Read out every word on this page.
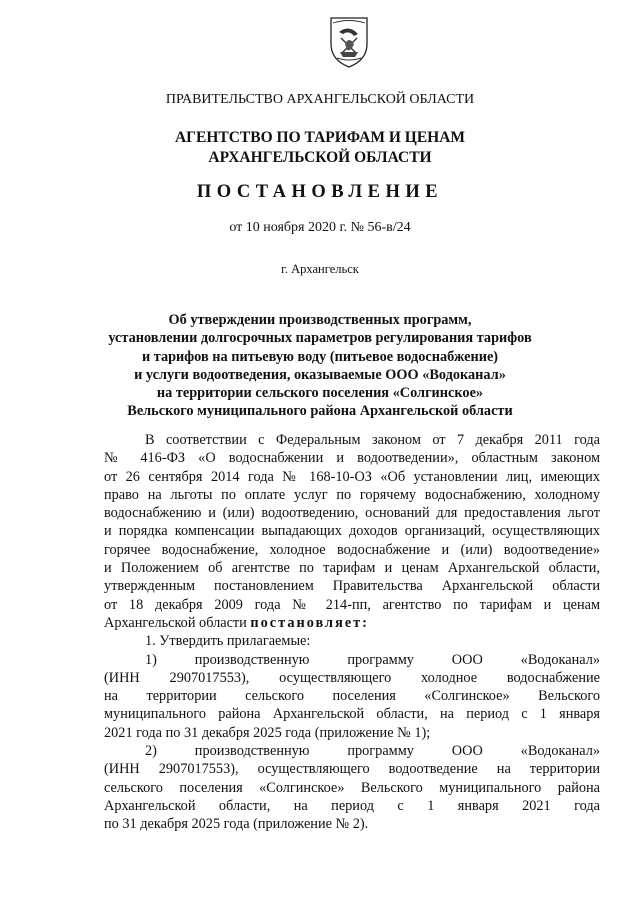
ПРАВИТЕЛЬСТВО АРХАНГЕЛЬСКОЙ ОБЛАСТИ
АГЕНТСТВО ПО ТАРИФАМ И ЦЕНАМ
АРХАНГЕЛЬСКОЙ ОБЛАСТИ
ПОСТАНОВЛЕНИЕ
от 10 ноября 2020 г. № 56-в/24
г. Архангельск
Об утверждении производственных программ,
установлении долгосрочных параметров регулирования тарифов
и тарифов на питьевую воду (питьевое водоснабжение)
и услуги водоотведения, оказываемые ООО «Водоканал»
на территории сельского поселения «Солгинское»
Вельского муниципального района Архангельской области
В соответствии с Федеральным законом от 7 декабря 2011 года
№ 416-ФЗ «О водоснабжении и водоотведении», областным законом
от 26 сентября 2014 года № 168-10-ОЗ «Об установлении лиц, имеющих
право на льготы по оплате услуг по горячему водоснабжению, холодному
водоснабжению и (или) водоотведению, оснований для предоставления льгот
и порядка компенсации выпадающих доходов организаций, осуществляющих
горячее водоснабжение, холодное водоснабжение и (или) водоотведение»
и Положением об агентстве по тарифам и ценам Архангельской области,
утвержденным постановлением Правительства Архангельской области
от 18 декабря 2009 года № 214-пп, агентство по тарифам и ценам
Архангельской области постановляет:
1. Утвердить прилагаемые:
1) производственную программу ООО «Водоканал»
(ИНН 2907017553), осуществляющего холодное водоснабжение
на территории сельского поселения «Солгинское» Вельского
муниципального района Архангельской области, на период с 1 января
2021 года по 31 декабря 2025 года (приложение № 1);
2) производственную программу ООО «Водоканал»
(ИНН 2907017553), осуществляющего водоотведение на территории
сельского поселения «Солгинское» Вельского муниципального района
Архангельской области, на период с 1 января 2021 года
по 31 декабря 2025 года (приложение № 2).
